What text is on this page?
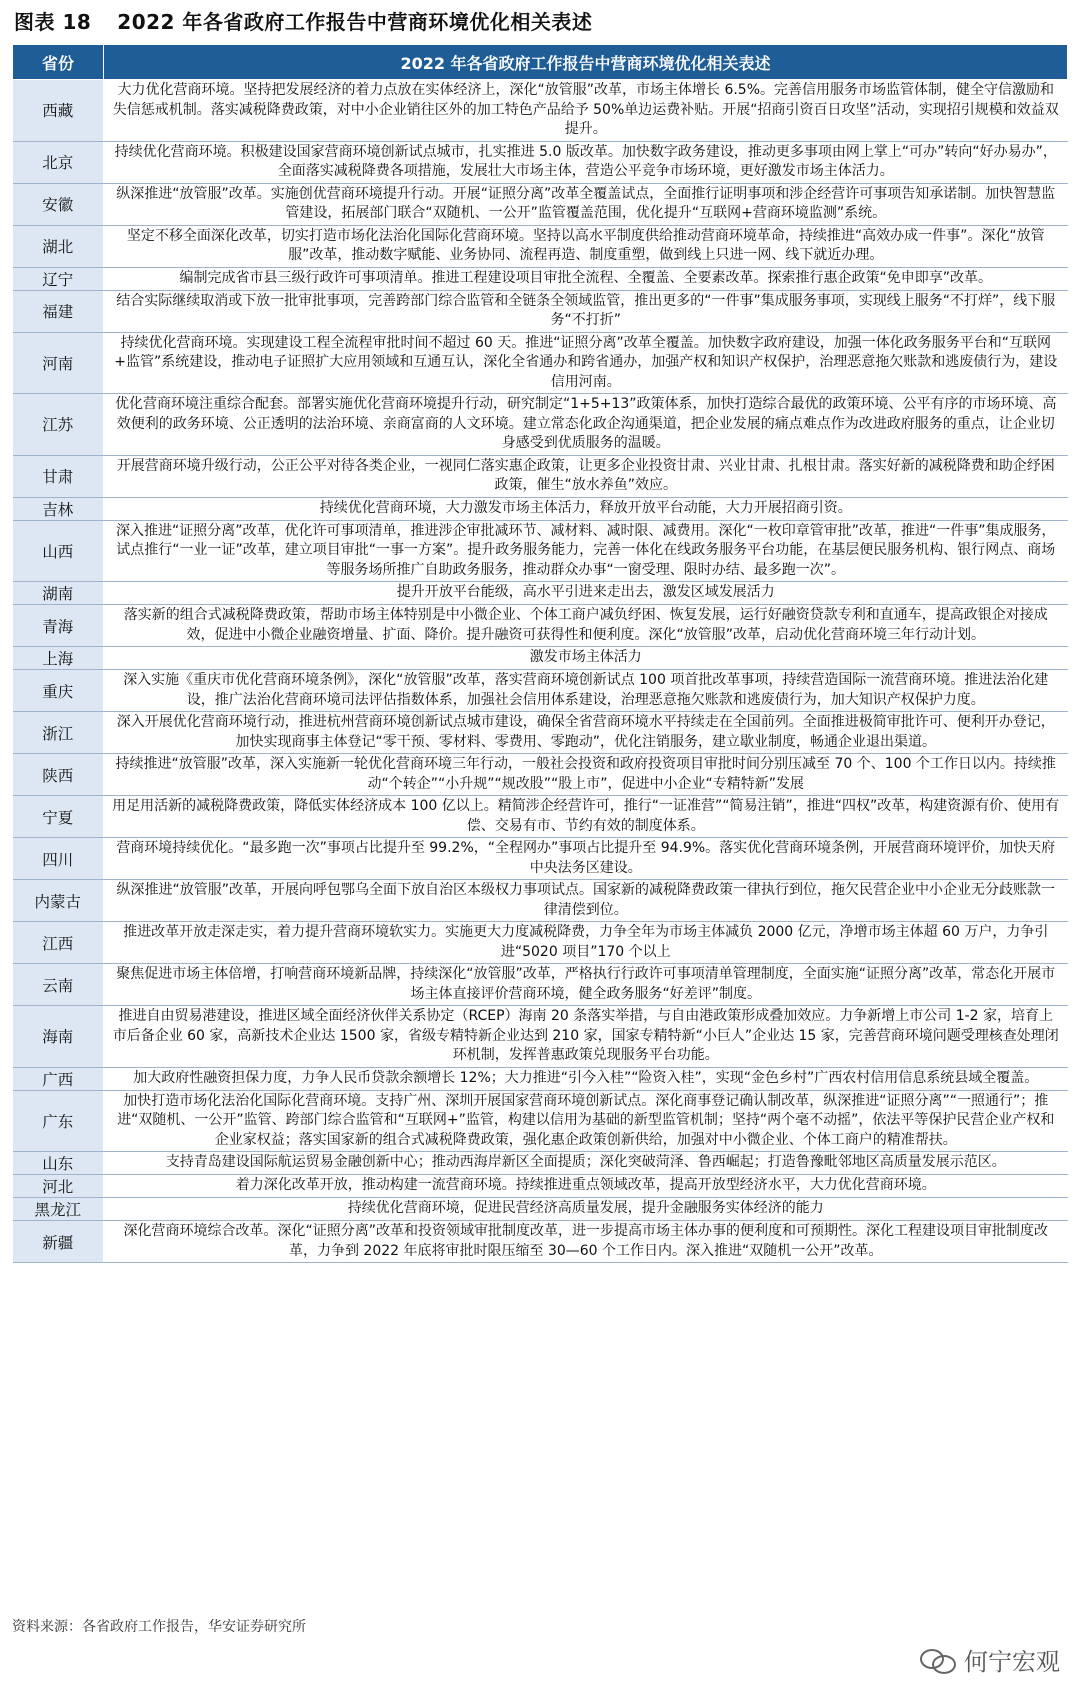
图表 18 2022 年各省政府工作报告中营商环境优化相关表述
省份	2022 年各省政府工作报告中营商环境优化相关表述
西藏	大力优化营商环境。坚持把发展经济的着力点放在实体经济上，深化“放管服”改革，市场主体增长 6.5%。完善信用服务市场监管体制，健全守信激励和失信惩戒机制。落实减税降费政策，对中小企业销往区外的加工特色产品给予 50%单边运费补贴。开展“招商引资百日攻坚”活动，实现招引规模和效益双提升。
北京	持续优化营商环境。积极建设国家营商环境创新试点城市，扎实推进 5.0 版改革。加快数字政务建设，推动更多事项由网上掌上“可办”转向“好办易办”，全面落实减税降费各项措施，发展壮大市场主体，营造公平竞争市场环境，更好激发市场主体活力。
安徽	纵深推进“放管服”改革。实施创优营商环境提升行动。开展“证照分离”改革全覆盖试点，全面推行证明事项和涉企经营许可事项告知承诺制。加快智慧监管建设，拓展部门联合“双随机、一公开”监管覆盖范围，优化提升“互联网+营商环境监测”系统。
湖北	坚定不移全面深化改革，切实打造市场化法治化国际化营商环境。坚持以高水平制度供给推动营商环境革命，持续推进“高效办成一件事”。深化“放管服”改革，推动数字赋能、业务协同、流程再造、制度重塑，做到线上只进一网、线下就近办理。
辽宁	编制完成省市县三级行政许可事项清单。推进工程建设项目审批全流程、全覆盖、全要素改革。探索推行惠企政策“免申即享”改革。
福建	结合实际继续取消或下放一批审批事项，完善跨部门综合监管和全链条全领域监管，推出更多的“一件事”集成服务事项，实现线上服务“不打烊”，线下服务“不打折”
河南	持续优化营商环境。实现建设工程全流程审批时间不超过 60 天。推进“证照分离”改革全覆盖。加快数字政府建设，加强一体化政务服务平台和“互联网+监管”系统建设，推动电子证照扩大应用领域和互通互认，深化全省通办和跨省通办，加强产权和知识产权保护，治理恶意拖欠账款和逃废债行为，建设信用河南。
江苏	优化营商环境注重综合配套。部署实施优化营商环境提升行动，研究制定“1+5+13”政策体系，加快打造综合最优的政策环境、公平有序的市场环境、高效便利的政务环境、公正透明的法治环境、亲商富商的人文环境。建立常态化政企沟通渠道，把企业发展的痛点难点作为改进政府服务的重点，让企业切身感受到优质服务的温暖。
甘肃	开展营商环境升级行动，公正公平对待各类企业，一视同仁落实惠企政策，让更多企业投资甘肃、兴业甘肃、扎根甘肃。落实好新的减税降费和助企纾困政策，催生“放水养鱼”效应。
吉林	持续优化营商环境，大力激发市场主体活力，释放开放平台动能，大力开展招商引资。
山西	深入推进“证照分离”改革，优化许可事项清单，推进涉企审批减环节、减材料、减时限、减费用。深化“一枚印章管审批”改革，推进“一件事”集成服务，试点推行“一业一证”改革，建立项目审批“一事一方案”。提升政务服务能力，完善一体化在线政务服务平台功能，在基层便民服务机构、银行网点、商场等服务场所推广自助政务服务，推动群众办事“一窗受理、限时办结、最多跑一次”。
湖南	提升开放平台能级，高水平引进来走出去，激发区域发展活力
青海	落实新的组合式减税降费政策，帮助市场主体特别是中小微企业、个体工商户减负纾困、恢复发展，运行好融资贷款专利和直通车，提高政银企对接成效，促进中小微企业融资增量、扩面、降价。提升融资可获得性和便利度。深化“放管服”改革，启动优化营商环境三年行动计划。
上海	激发市场主体活力
重庆	深入实施《重庆市优化营商环境条例》，深化“放管服”改革，落实营商环境创新试点 100 项首批改革事项，持续营造国际一流营商环境。推进法治化建设，推广法治化营商环境司法评估指数体系，加强社会信用体系建设，治理恶意拖欠账款和逃废债行为，加大知识产权保护力度。
浙江	深入开展优化营商环境行动，推进杭州营商环境创新试点城市建设，确保全省营商环境水平持续走在全国前列。全面推进极简审批许可、便利开办登记，加快实现商事主体登记“零干预、零材料、零费用、零跑动”，优化注销服务，建立歇业制度，畅通企业退出渠道。
陕西	持续推进“放管服”改革，深入实施新一轮优化营商环境三年行动，一般社会投资和政府投资项目审批时间分别压减至 70 个、100 个工作日以内。持续推动“个转企”“小升规”“规改股”“股上市”，促进中小企业“专精特新”发展
宁夏	用足用活新的减税降费政策，降低实体经济成本 100 亿以上。精简涉企经营许可，推行“一证准营”“简易注销”，推进“四权”改革，构建资源有价、使用有偿、交易有市、节约有效的制度体系。
四川	营商环境持续优化。“最多跑一次”事项占比提升至 99.2%，“全程网办”事项占比提升至 94.9%。落实优化营商环境条例，开展营商环境评价，加快天府中央法务区建设。
内蒙古	纵深推进“放管服”改革，开展向呼包鄂乌全面下放自治区本级权力事项试点。国家新的减税降费政策一律执行到位，拖欠民营企业中小企业无分歧账款一律清偿到位。
江西	推进改革开放走深走实，着力提升营商环境软实力。实施更大力度减税降费，力争全年为市场主体减负 2000 亿元，净增市场主体超 60 万户，力争引进“5020 项目”170 个以上
云南	聚焦促进市场主体倍增，打响营商环境新品牌，持续深化“放管服”改革，严格执行行政许可事项清单管理制度，全面实施“证照分离”改革，常态化开展市场主体直接评价营商环境，健全政务服务“好差评”制度。
海南	推进自由贸易港建设，推进区域全面经济伙伴关系协定（RCEP）海南 20 条落实举措，与自由港政策形成叠加效应。力争新增上市公司 1-2 家，培育上市后备企业 60 家，高新技术企业达 1500 家，省级专精特新企业达到 210 家，国家专精特新“小巨人”企业达 15 家，完善营商环境问题受理核查处理闭环机制，发挥普惠政策兑现服务平台功能。
广西	加大政府性融资担保力度，力争人民币贷款余额增长 12%；大力推进“引今入桂”“险资入桂”，实现“金色乡村”广西农村信用信息系统县域全覆盖。
广东	加快打造市场化法治化国际化营商环境。支持广州、深圳开展国家营商环境创新试点。深化商事登记确认制改革，纵深推进“证照分离”“一照通行”；推进“双随机、一公开”监管、跨部门综合监管和“互联网+”监管，构建以信用为基础的新型监管机制；坚持“两个毫不动摇”，依法平等保护民营企业产权和企业家权益；落实国家新的组合式减税降费政策，强化惠企政策创新供给，加强对中小微企业、个体工商户的精准帮扶。
山东	支持青岛建设国际航运贸易金融创新中心；推动西海岸新区全面提质；深化突破菏泽、鲁西崛起；打造鲁豫毗邻地区高质量发展示范区。
河北	着力深化改革开放，推动构建一流营商环境。持续推进重点领域改革，提高开放型经济水平，大力优化营商环境。
黑龙江	持续优化营商环境，促进民营经济高质量发展，提升金融服务实体经济的能力
新疆	深化营商环境综合改革。深化“证照分离”改革和投资领域审批制度改革，进一步提高市场主体办事的便利度和可预期性。深化工程建设项目审批制度改革，力争到 2022 年底将审批时限压缩至 30—60 个工作日内。深入推进“双随机一公开”改革。
资料来源：各省政府工作报告，华安证券研究所
何宁宏观
